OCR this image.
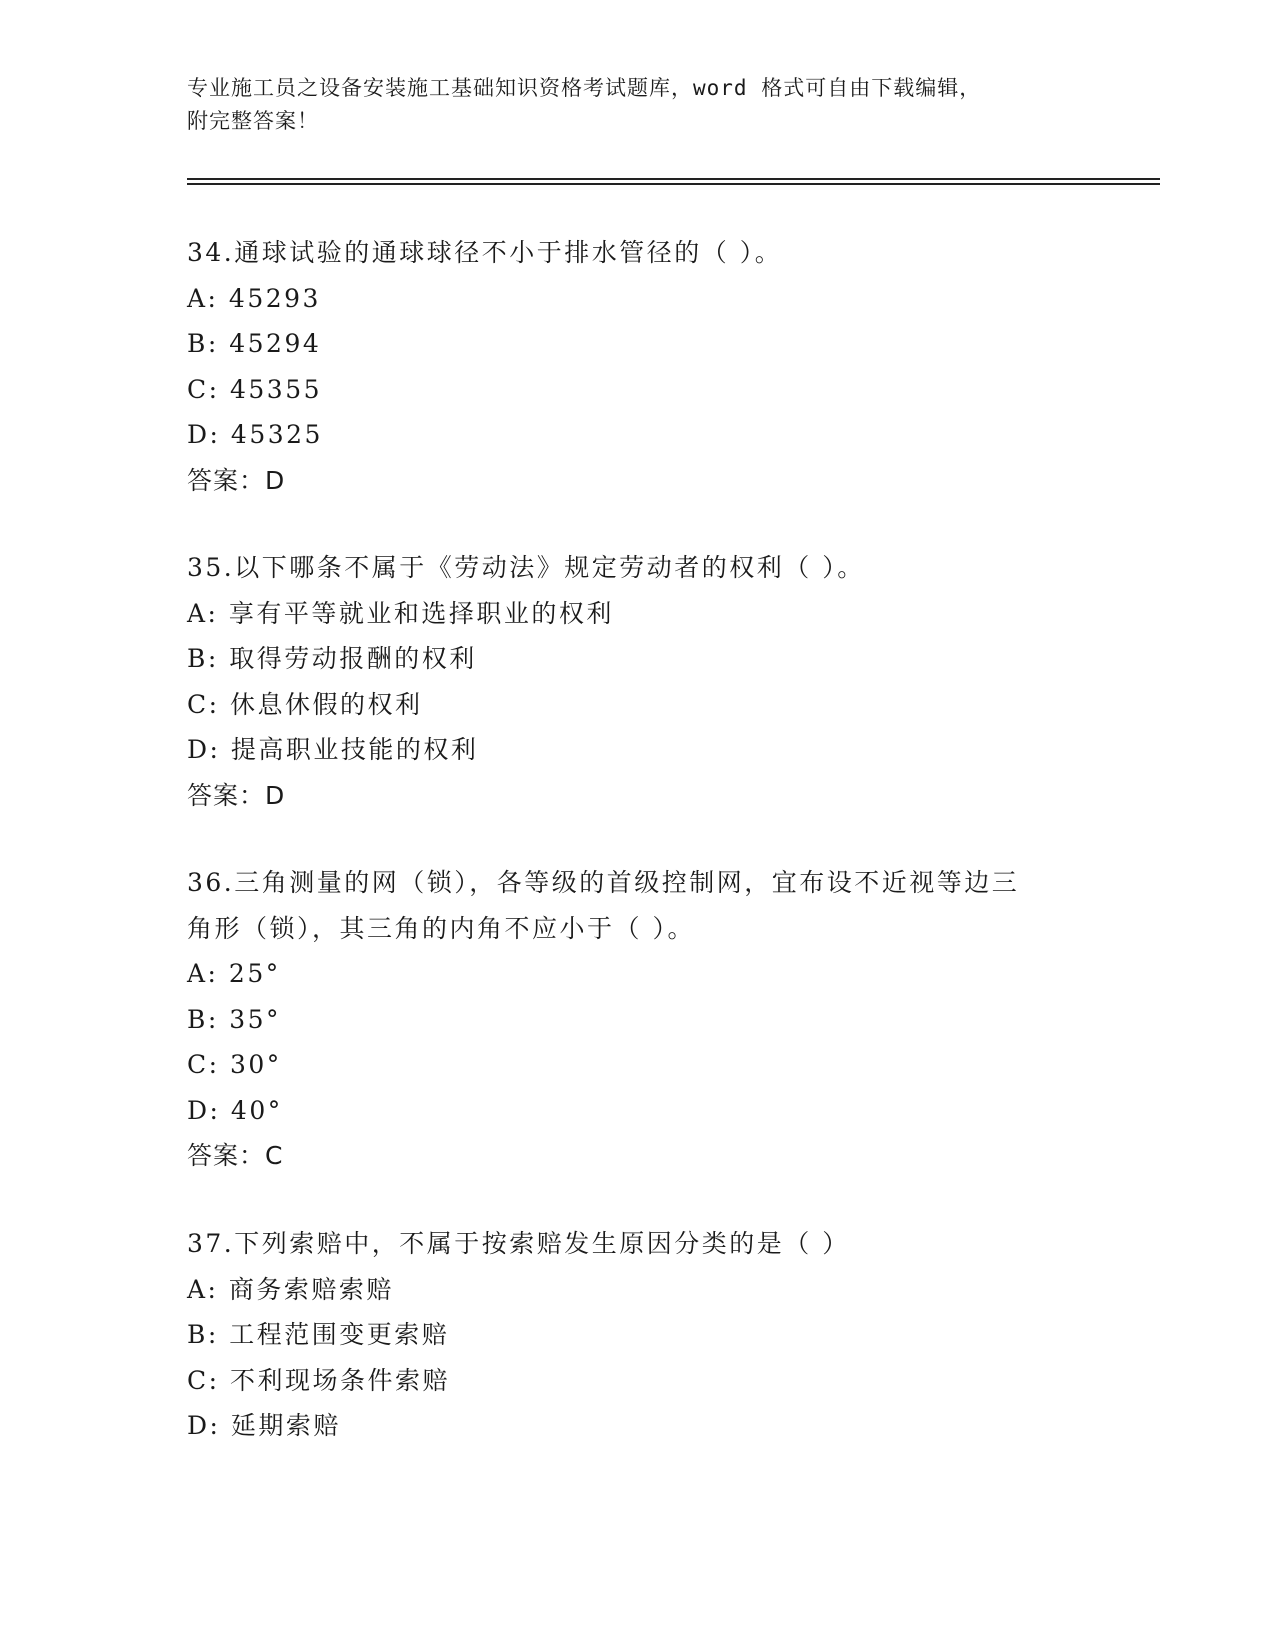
专业施工员之设备安装施工基础知识资格考试题库，word 格式可自由下载编辑，
附完整答案！
34.通球试验的通球球径不小于排水管径的（ ）。
A: 45293
B: 45294
C: 45355
D: 45325
答案：D
35.以下哪条不属于《劳动法》规定劳动者的权利（ ）。
A: 享有平等就业和选择职业的权利
B: 取得劳动报酬的权利
C: 休息休假的权利
D: 提高职业技能的权利
答案：D
36.三角测量的网（锁），各等级的首级控制网，宜布设不近视等边三
角形（锁），其三角的内角不应小于（ ）。
A: 25°
B: 35°
C: 30°
D: 40°
答案：C
37.下列索赔中，不属于按索赔发生原因分类的是（ ）
A: 商务索赔索赔
B: 工程范围变更索赔
C: 不利现场条件索赔
D: 延期索赔
